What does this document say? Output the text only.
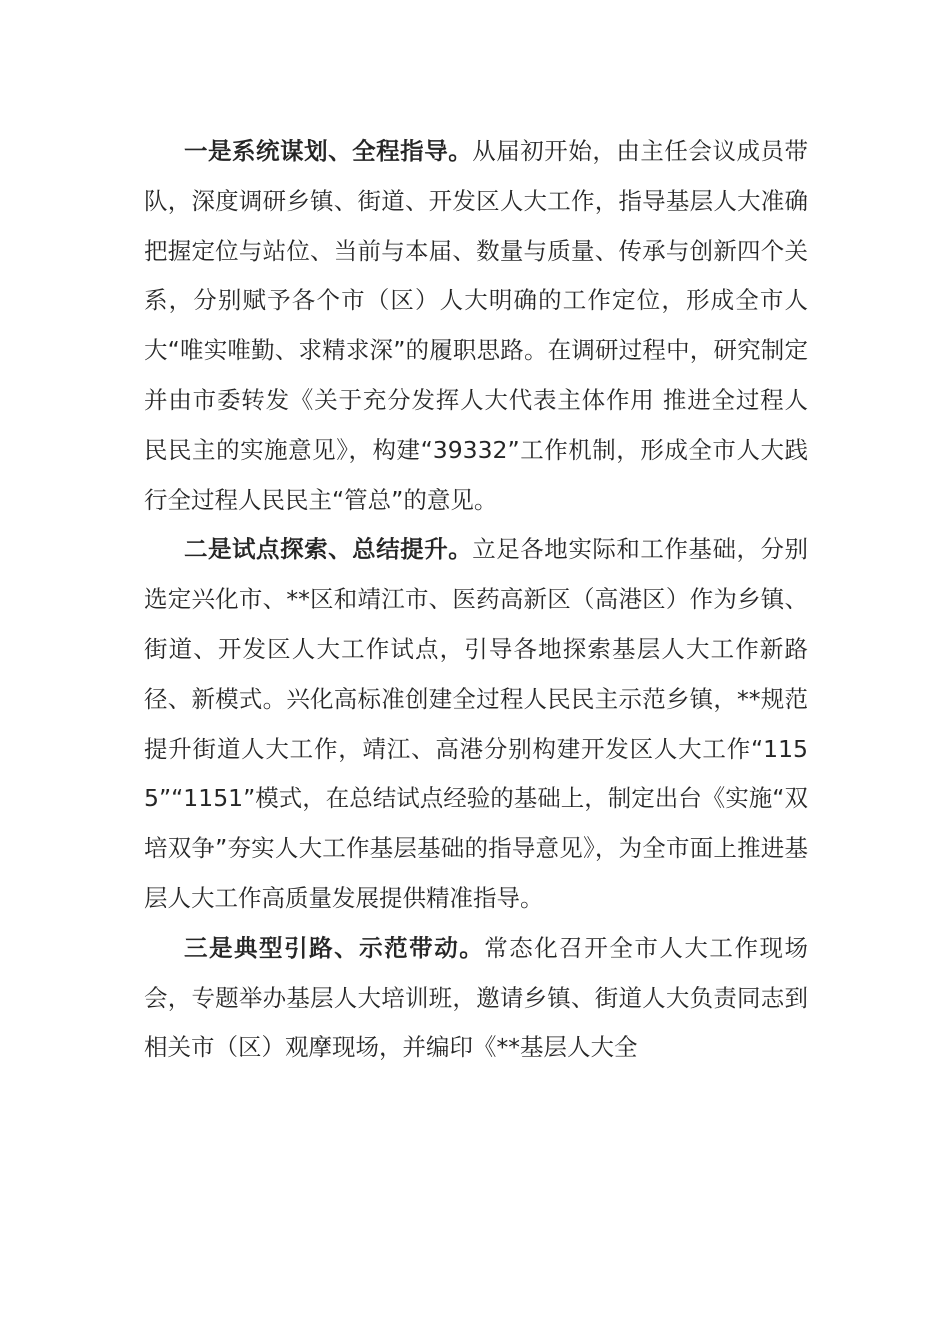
一是系统谋划、全程指导。从届初开始，由主任会议成员带队，深度调研乡镇、街道、开发区人大工作，指导基层人大准确把握定位与站位、当前与本届、数量与质量、传承与创新四个关系，分别赋予各个市（区）人大明确的工作定位，形成全市人大“唯实唯勤、求精求深”的履职思路。在调研过程中，研究制定并由市委转发《关于充分发挥人大代表主体作用 推进全过程人民民主的实施意见》，构建“39332”工作机制，形成全市人大践行全过程人民民主“管总”的意见。

二是试点探索、总结提升。立足各地实际和工作基础，分别选定兴化市、**区和靖江市、医药高新区（高港区）作为乡镇、街道、开发区人大工作试点，引导各地探索基层人大工作新路径、新模式。兴化高标准创建全过程人民民主示范乡镇，**规范提升街道人大工作，靖江、高港分别构建开发区人大工作“1155”“1151”模式，在总结试点经验的基础上，制定出台《实施“双培双争”夯实人大工作基层基础的指导意见》，为全市面上推进基层人大工作高质量发展提供精准指导。

三是典型引路、示范带动。常态化召开全市人大工作现场会，专题举办基层人大培训班，邀请乡镇、街道人大负责同志到相关市（区）观摩现场，并编印《**基层人大全
